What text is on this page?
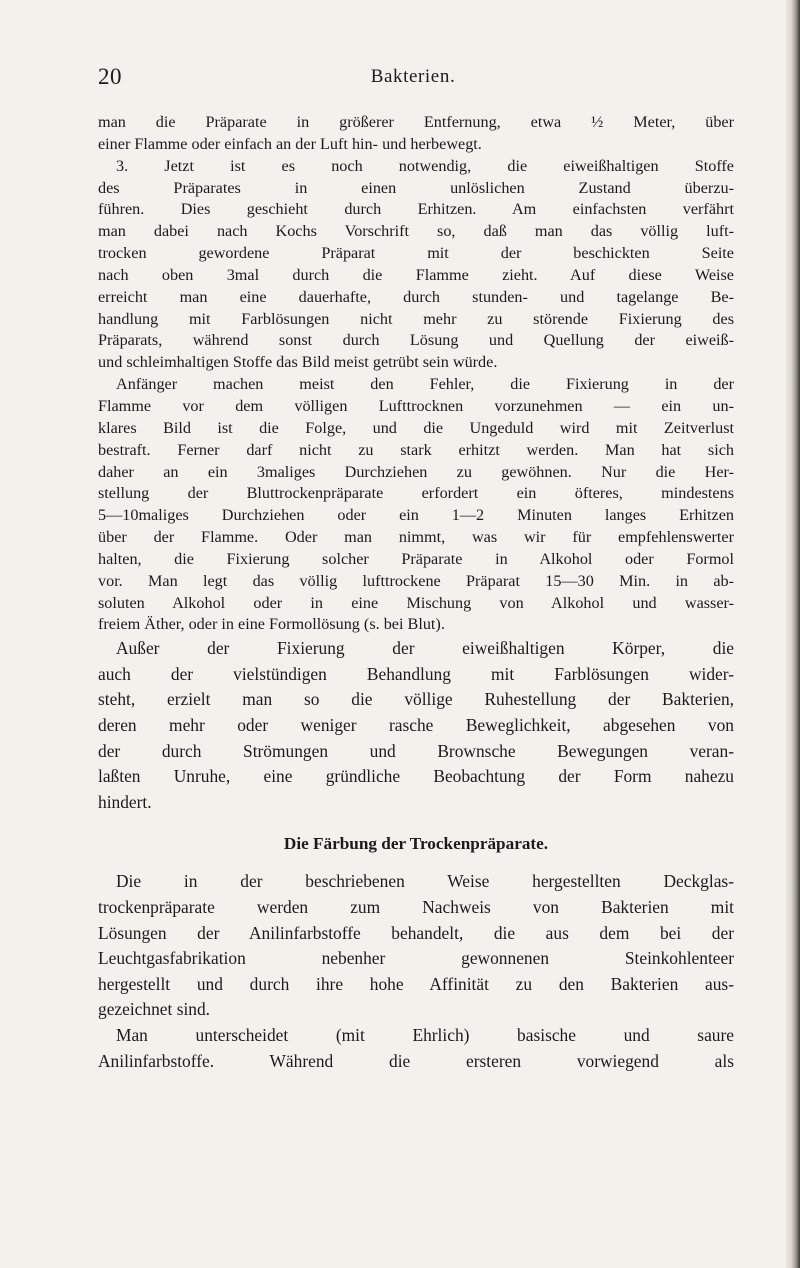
20	Bakterien.
man die Präparate in größerer Entfernung, etwa ½ Meter, über
einer Flamme oder einfach an der Luft hin- und herbewegt.
3. Jetzt ist es noch notwendig, die eiweißhaltigen Stoffe
des Präparates in einen unlöslichen Zustand überzu-
führen. Dies geschieht durch Erhitzen. Am einfachsten verfährt
man dabei nach Kochs Vorschrift so, daß man das völlig luft-
trocken gewordene Präparat mit der beschickten Seite
nach oben 3mal durch die Flamme zieht. Auf diese Weise
erreicht man eine dauerhafte, durch stunden- und tagelange Be-
handlung mit Farblösungen nicht mehr zu störende Fixierung des
Präparats, während sonst durch Lösung und Quellung der eiweiß-
und schleimhaltigen Stoffe das Bild meist getrübt sein würde.
Anfänger machen meist den Fehler, die Fixierung in der
Flamme vor dem völligen Lufttrocknen vorzunehmen — ein un-
klares Bild ist die Folge, und die Ungeduld wird mit Zeitverlust
bestraft. Ferner darf nicht zu stark erhitzt werden. Man hat sich
daher an ein 3maliges Durchziehen zu gewöhnen. Nur die Her-
stellung der Bluttrockenpräparate erfordert ein öfteres, mindestens
5—10maliges Durchziehen oder ein 1—2 Minuten langes Erhitzen
über der Flamme. Oder man nimmt, was wir für empfehlenswerter
halten, die Fixierung solcher Präparate in Alkohol oder Formol
vor. Man legt das völlig lufttrockene Präparat 15—30 Min. in ab-
soluten Alkohol oder in eine Mischung von Alkohol und wasser-
freiem Äther, oder in eine Formollösung (s. bei Blut).
Außer der Fixierung der eiweißhaltigen Körper, die
auch der vielstündigen Behandlung mit Farblösungen wider-
steht, erzielt man so die völlige Ruhestellung der Bakterien,
deren mehr oder weniger rasche Beweglichkeit, abgesehen von
der durch Strömungen und Brownsche Bewegungen veran-
laßten Unruhe, eine gründliche Beobachtung der Form nahezu
hindert.
Die Färbung der Trockenpräparate.
Die in der beschriebenen Weise hergestellten Deckglas-
trockenpräparate werden zum Nachweis von Bakterien mit
Lösungen der Anilinfarbstoffe behandelt, die aus dem bei der
Leuchtgasfabrikation nebenher gewonnenen Steinkohlenteer
hergestellt und durch ihre hohe Affinität zu den Bakterien aus-
gezeichnet sind.
Man unterscheidet (mit Ehrlich) basische und saure
Anilinfarbstoffe. Während die ersteren vorwiegend als
